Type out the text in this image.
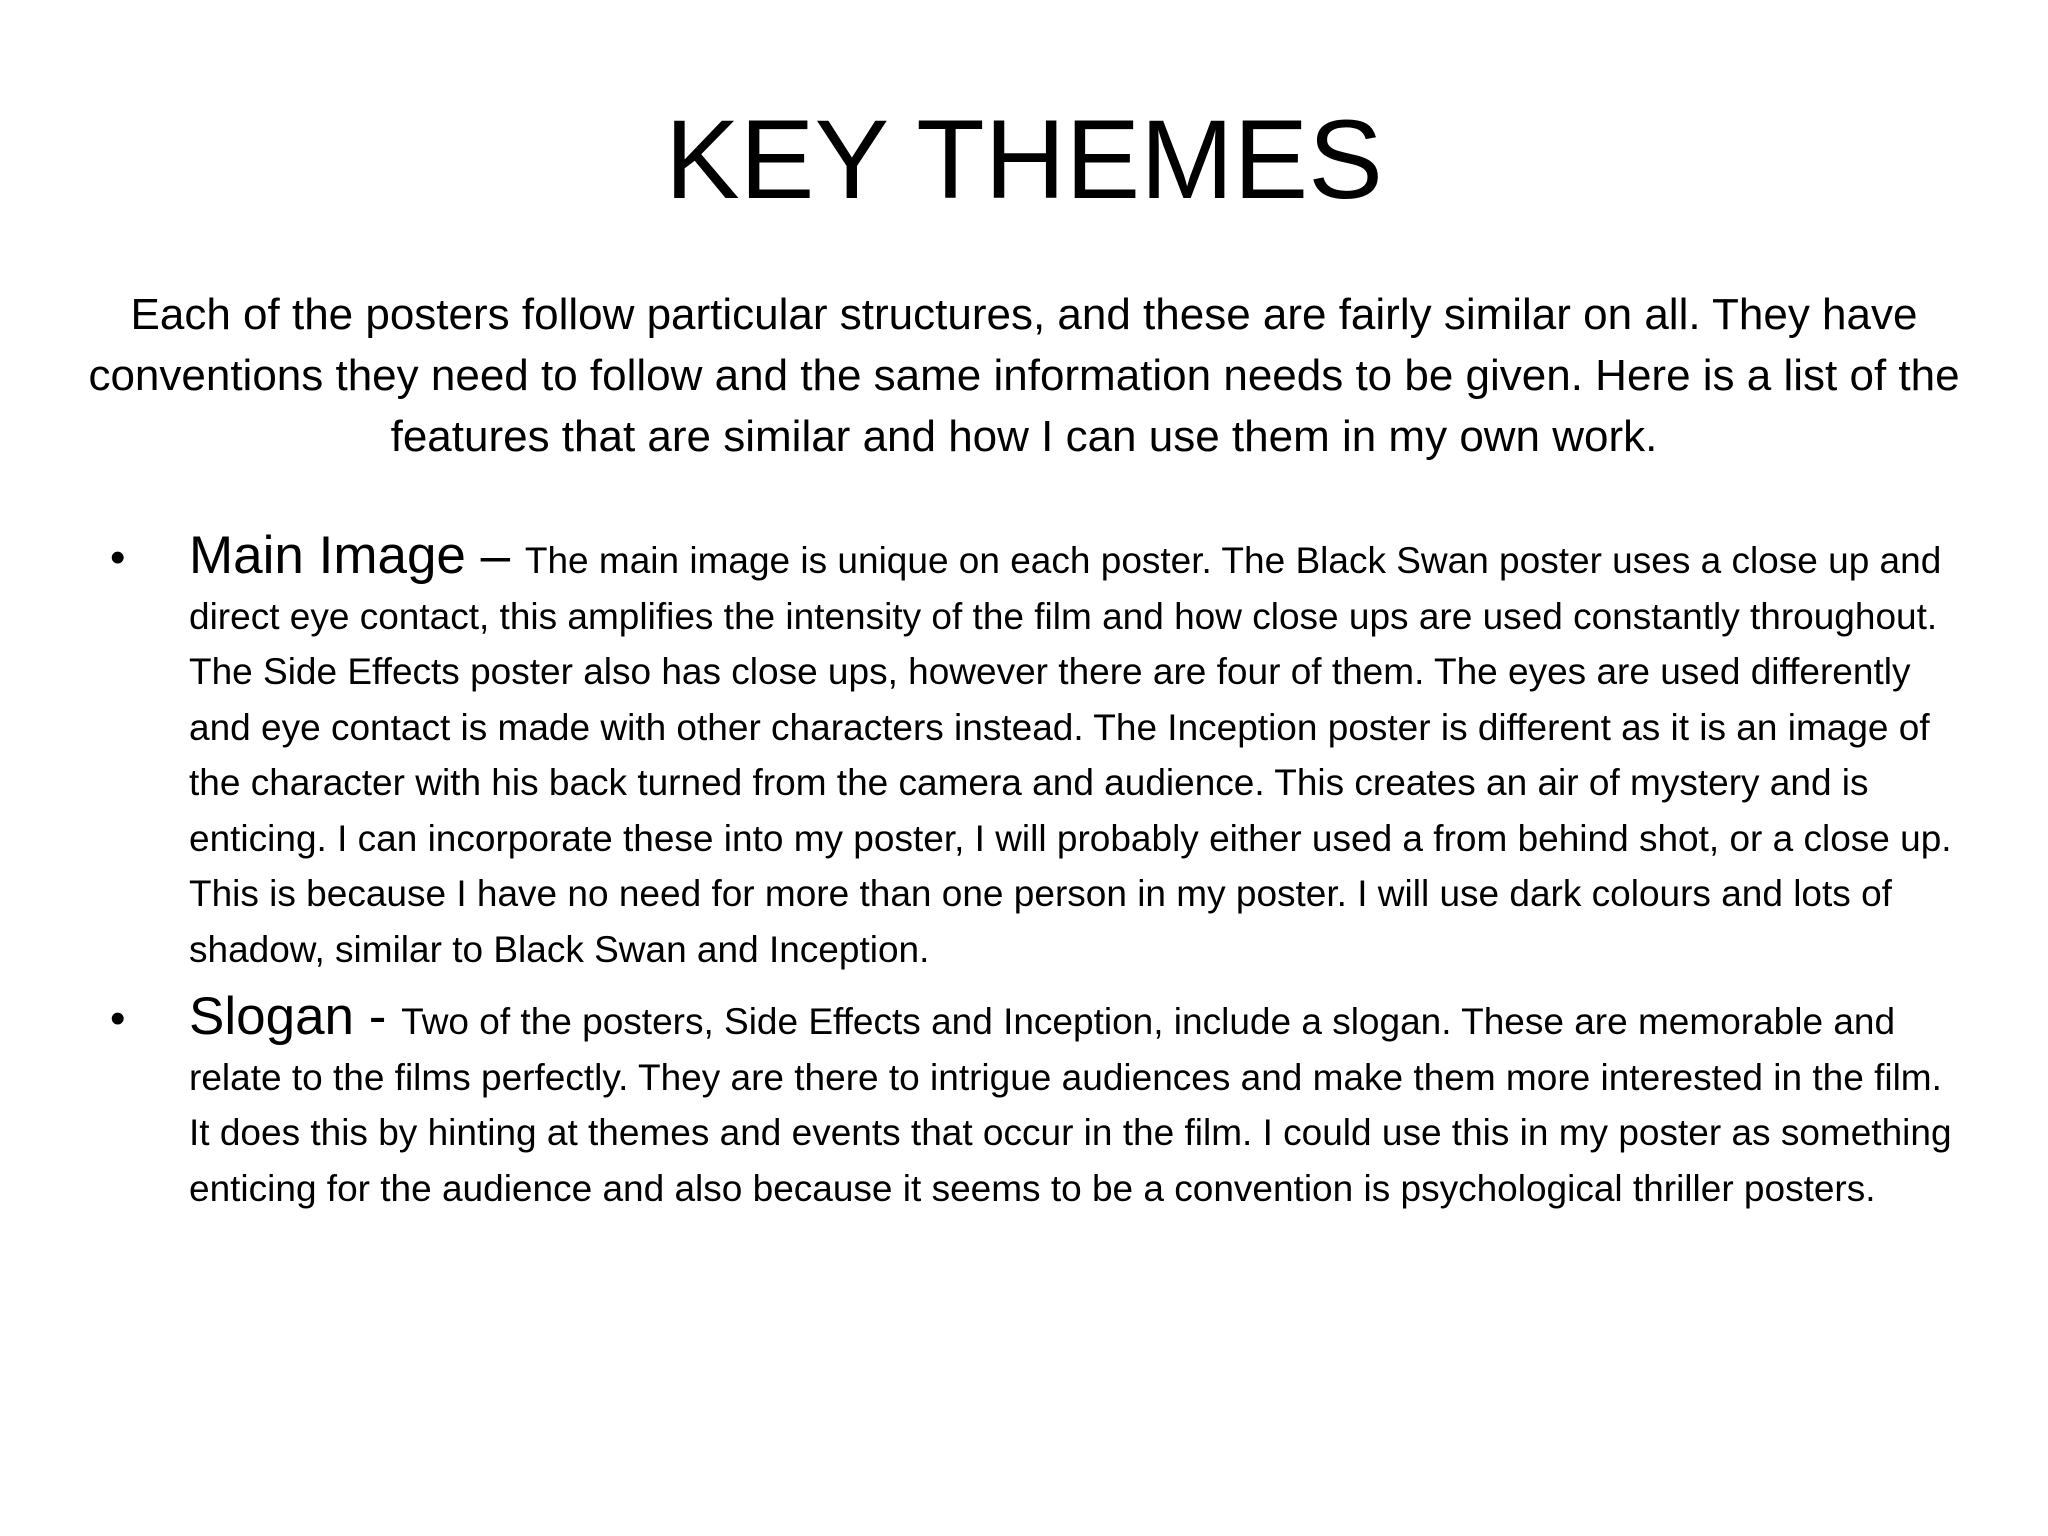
KEY THEMES

Each of the posters follow particular structures, and these are fairly similar on all. They have conventions they need to follow and the same information needs to be given. Here is a list of the features that are similar and how I can use them in my own work.

• Main Image – The main image is unique on each poster. The Black Swan poster uses a close up and direct eye contact, this amplifies the intensity of the film and how close ups are used constantly throughout. The Side Effects poster also has close ups, however there are four of them. The eyes are used differently and eye contact is made with other characters instead. The Inception poster is different as it is an image of the character with his back turned from the camera and audience. This creates an air of mystery and is enticing. I can incorporate these into my poster, I will probably either used a from behind shot, or a close up. This is because I have no need for more than one person in my poster. I will use dark colours and lots of shadow, similar to Black Swan and Inception.
• Slogan - Two of the posters, Side Effects and Inception, include a slogan. These are memorable and relate to the films perfectly. They are there to intrigue audiences and make them more interested in the film. It does this by hinting at themes and events that occur in the film. I could use this in my poster as something enticing for the audience and also because it seems to be a convention is psychological thriller posters.
